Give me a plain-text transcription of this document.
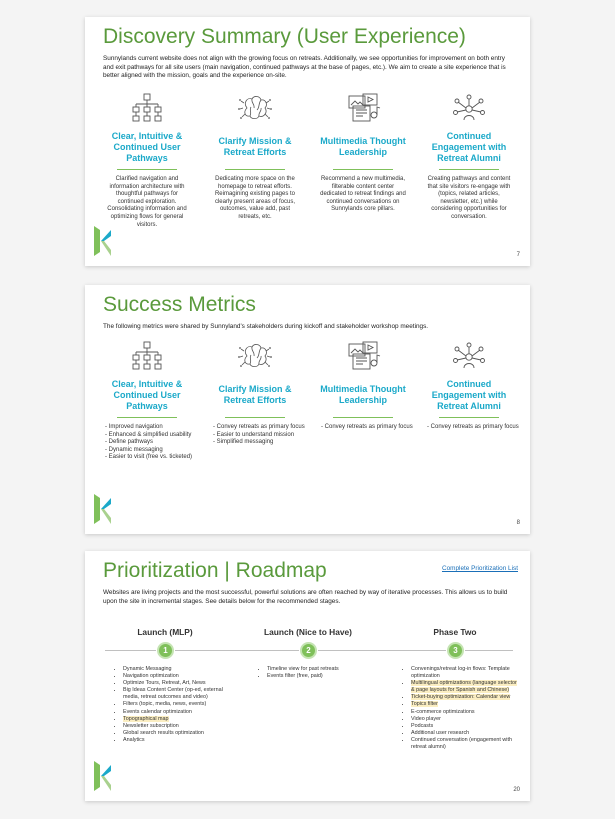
Discovery Summary (User Experience)
Sunnylands current website does not align with the growing focus on retreats. Additionally, we see opportunities for improvement on both entry and exit pathways for all site users (main navigation, continued pathways at the base of pages, etc.). We aim to create a site experience that is better aligned with the mission, goals and the experience on-site.
Clear, Intuitive & Continued User Pathways
Clarified navigation and information architecture with thoughtful pathways for continued exploration. Consolidating information and optimizing flows for general visitors.
Clarify Mission & Retreat Efforts
Dedicating more space on the homepage to retreat efforts. Reimagining existing pages to clearly present areas of focus, outcomes, value add, past retreats, etc.
Multimedia Thought Leadership
Recommend a new multimedia, filterable content center dedicated to retreat findings and continued conversations on Sunnylands core pillars.
Continued Engagement with Retreat Alumni
Creating pathways and content that site visitors re-engage with (topics, related articles, newsletter, etc.) while considering opportunities for conversation.
7
Success Metrics
The following metrics were shared by Sunnyland's stakeholders during kickoff and stakeholder workshop meetings.
Clear, Intuitive & Continued User Pathways
- Improved navigation
- Enhanced & simplified usability
- Define pathways
- Dynamic messaging
- Easier to visit (free vs. ticketed)
Clarify Mission & Retreat Efforts
- Convey retreats as primary focus
- Easier to understand mission
- Simplified messaging
Multimedia Thought Leadership
- Convey retreats as primary focus
Continued Engagement with Retreat Alumni
- Convey retreats as primary focus
8
Prioritization | Roadmap	Complete Prioritization List
Websites are living projects and the most successful, powerful solutions are often reached by way of iterative processes. This allows us to build upon the site in incremental stages. See details below for the recommended stages.
Launch (MLP)	Launch (Nice to Have)	Phase Two
1	2	3
• Dynamic Messaging
• Navigation optimization
• Optimize Tours, Retreat, Art, News
• Big Ideas Content Center (op-ed, external media, retreat outcomes and video)
• Filters (topic, media, news, events)
• Events calendar optimization
• Topographical map
• Newsletter subscription
• Global search results optimization
• Analytics
• Timeline view for past retreats
• Events filter (free, paid)
• Convenings/retreat log-in flows: Template optimization
• Multilingual optimizations (language selector & page layouts for Spanish and Chinese)
• Ticket-buying optimization: Calendar view
• Topics filter
• E-commerce optimizations
• Video player
• Podcasts
• Additional user research
• Continued conversation (engagement with retreat alumni)
20
